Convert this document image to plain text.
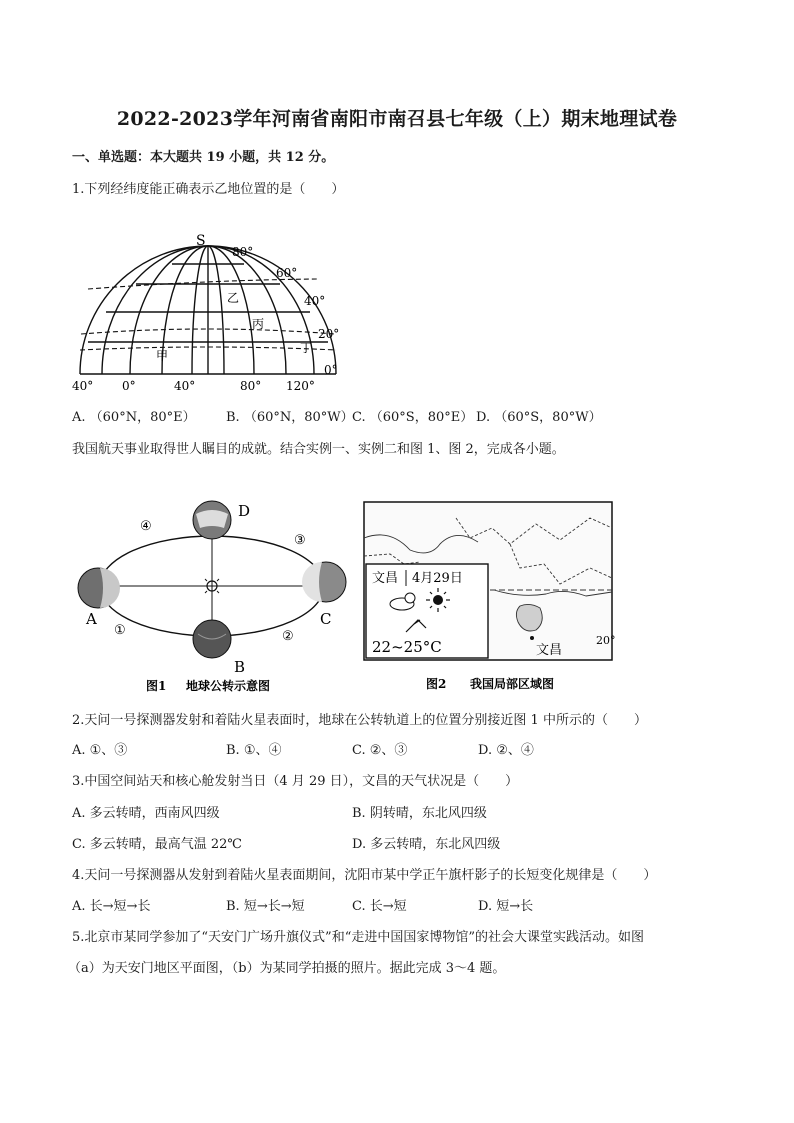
2022-2023学年河南省南阳市南召县七年级（上）期末地理试卷
一、单选题：本大题共 19 小题，共 12 分。
1.下列经纬度能正确表示乙地位置的是（　　）
S
80°
60°
40°
20°
0°
40° 0°	40°	80° 120°
乙
丙
甲
丁
A. （60°N，80°E） B. （60°N，80°W）
C. （60°S，80°E） D. （60°S，80°W）
我国航天事业取得世人瞩目的成就。结合实例一、实例二和图 1、图 2，完成各小题。
D
A	C
B
④
③
①	②
图1 地球公转示意图
文昌 4月29日
22~25°C	20°
文昌
图2 我国局部区域图
2.天问一号探测器发射和着陆火星表面时，地球在公转轨道上的位置分别接近图 1 中所示的（　　）
A. ①、③	B. ①、④	C. ②、③	D. ②、④
3.中国空间站天和核心舱发射当日（4 月 29 日），文昌的天气状况是（　　）
A. 多云转晴，西南风四级	B. 阴转晴，东北风四级
C. 多云转晴，最高气温 22℃	D. 多云转晴，东北风四级
4.天问一号探测器从发射到着陆火星表面期间，沈阳市某中学正午旗杆影子的长短变化规律是（　　）
A. 长→短→长	B. 短→长→短	C. 长→短	D. 短→长
5.北京市某同学参加了“天安门广场升旗仪式”和“走进中国国家博物馆”的社会大课堂实践活动。如图
（a）为天安门地区平面图，（b）为某同学拍摄的照片。据此完成 3～4 题。
